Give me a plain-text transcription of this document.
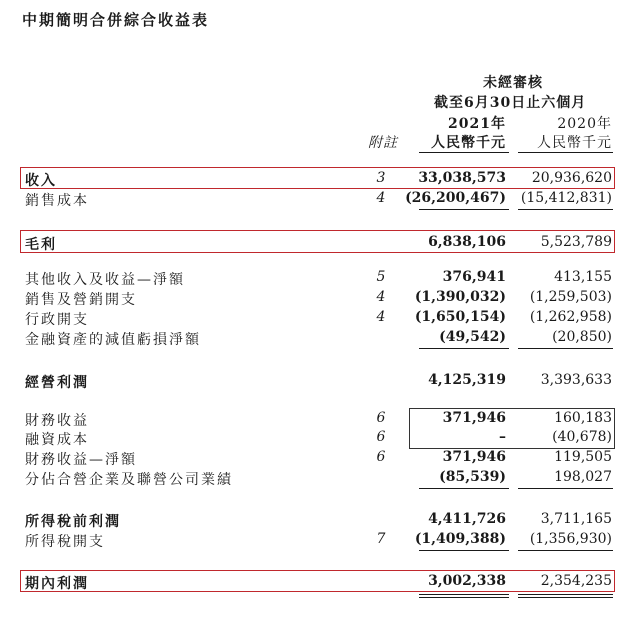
中期簡明合併綜合收益表
未經審核
截至6月30日止六個月
2021年	2020年
附註 人民幣千元 人民幣千元
收入	3 33,038,573 20,936,620
銷售成本	4 (26,200,467) (15,412,831)
毛利	6,838,106 5,523,789
其他收入及收益—淨額	5	376,941	413,155
銷售及營銷開支	4 (1,390,032) (1,259,503)
行政開支	4 (1,650,154) (1,262,958)
金融資產的減值虧損淨額	(49,542)	(20,850)
經營利潤	4,125,319 3,393,633
財務收益	6	371,946	160,183
融資成本	6	–	(40,678)
財務收益—淨額	6	371,946	119,505
分佔合營企業及聯營公司業績	(85,539)	198,027
所得稅前利潤	4,411,726 3,711,165
所得稅開支	7 (1,409,388) (1,356,930)
期內利潤	3,002,338 2,354,235
